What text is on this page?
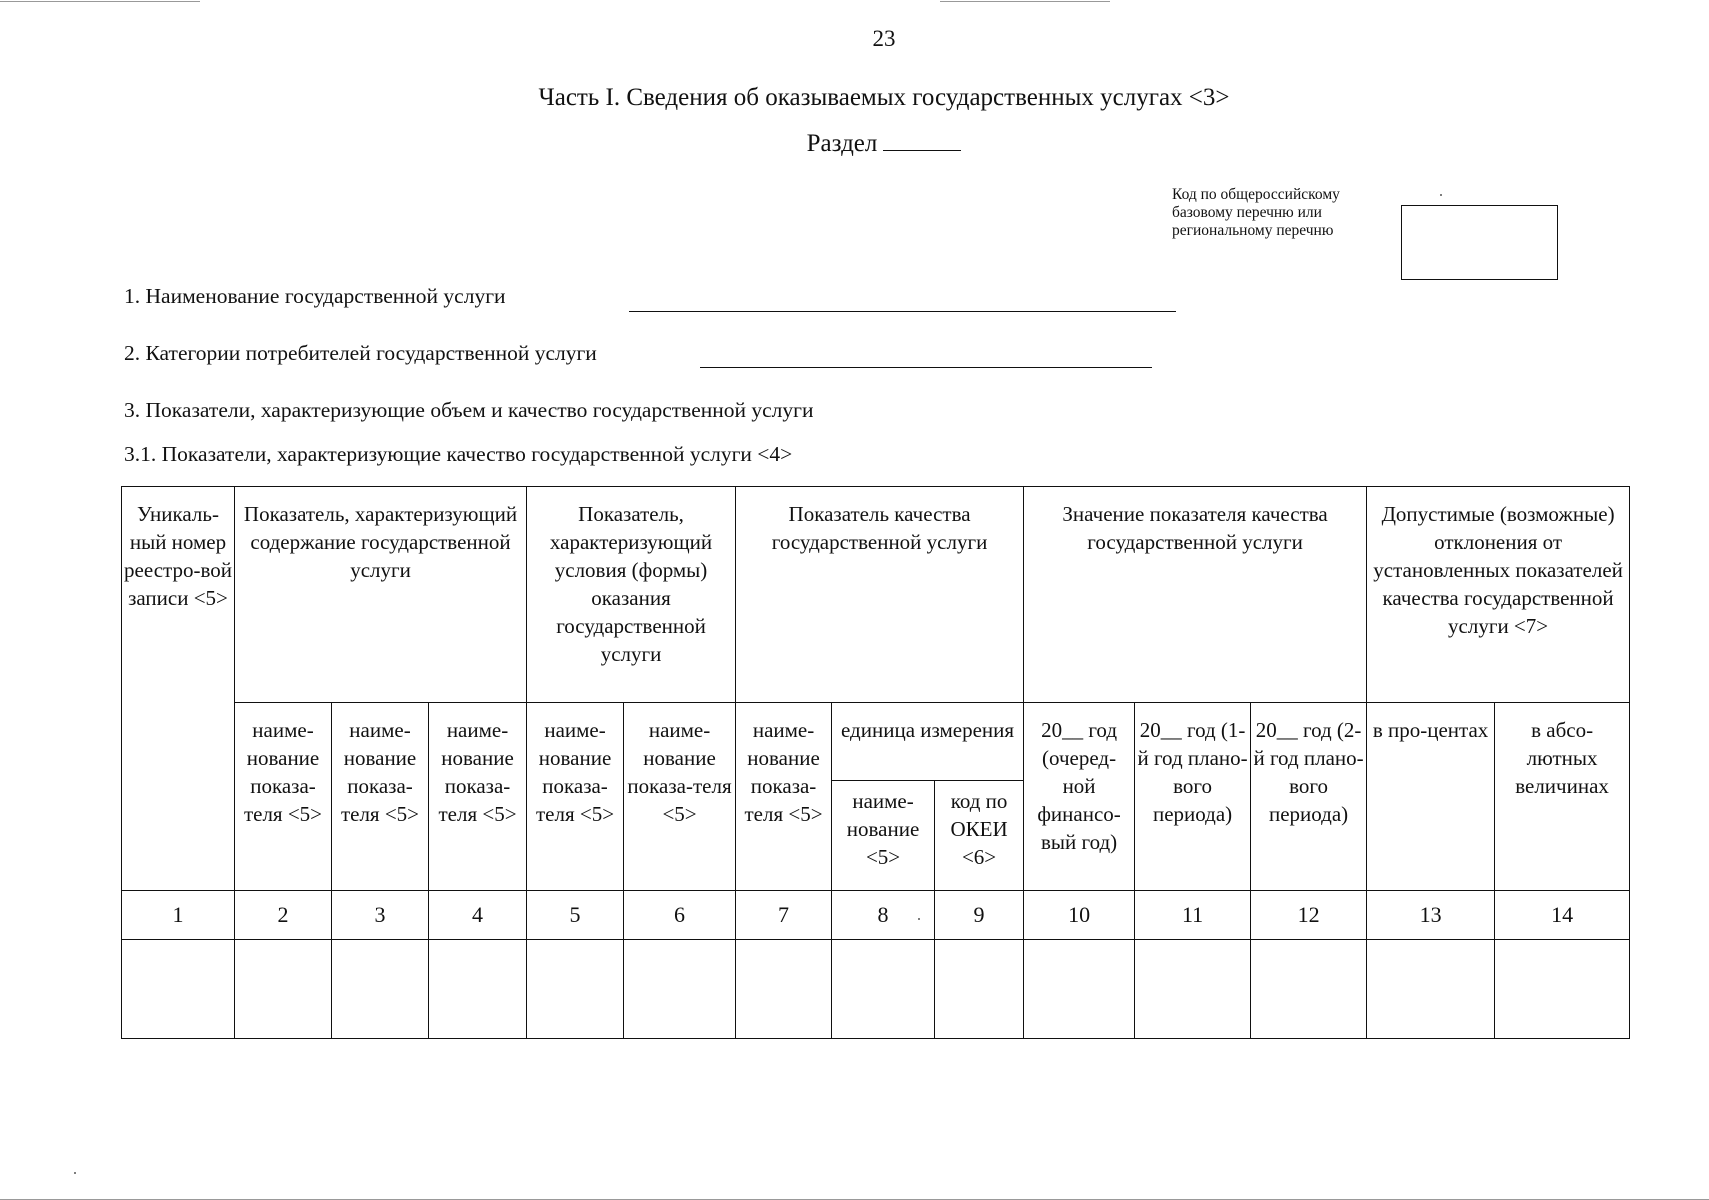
23
Часть I. Сведения об оказываемых государственных услугах <3>
Раздел
Код по общероссийскому
базовому перечню или
региональному перечню
1. Наименование государственной услуги
2. Категории потребителей государственной услуги
3. Показатели, характеризующие объем и качество государственной услуги
3.1. Показатели, характеризующие качество государственной услуги <4>
Уникаль-ный номер реестро-вой записи <5>	Показатель, характеризующий содержание государственной услуги			Показатель, характеризующий условия (формы) оказания государственной услуги		Показатель качества государственной услуги			Значение показателя качества государственной услуги			Допустимые (возможные) отклонения от установленных показателей качества государственной услуги <7>	
	наиме-нование показа-теля <5>	наиме-нование показа-теля <5>	наиме-нование показа-теля <5>	наиме-нование показа-теля <5>	наиме-нование показа-теля <5>	наиме-нование показа-теля <5>	единица измерения		20__ год (очеред-ной финансо-вый год)	20__ год (1-й год плано-вого периода)	20__ год (2-й год плано-вого периода)	в про-центах	в абсо-лютных величинах
							наиме-нование <5>	код по ОКЕИ <6>					
1	2	3	4	5	6	7	8	9	10	11	12	13	14
